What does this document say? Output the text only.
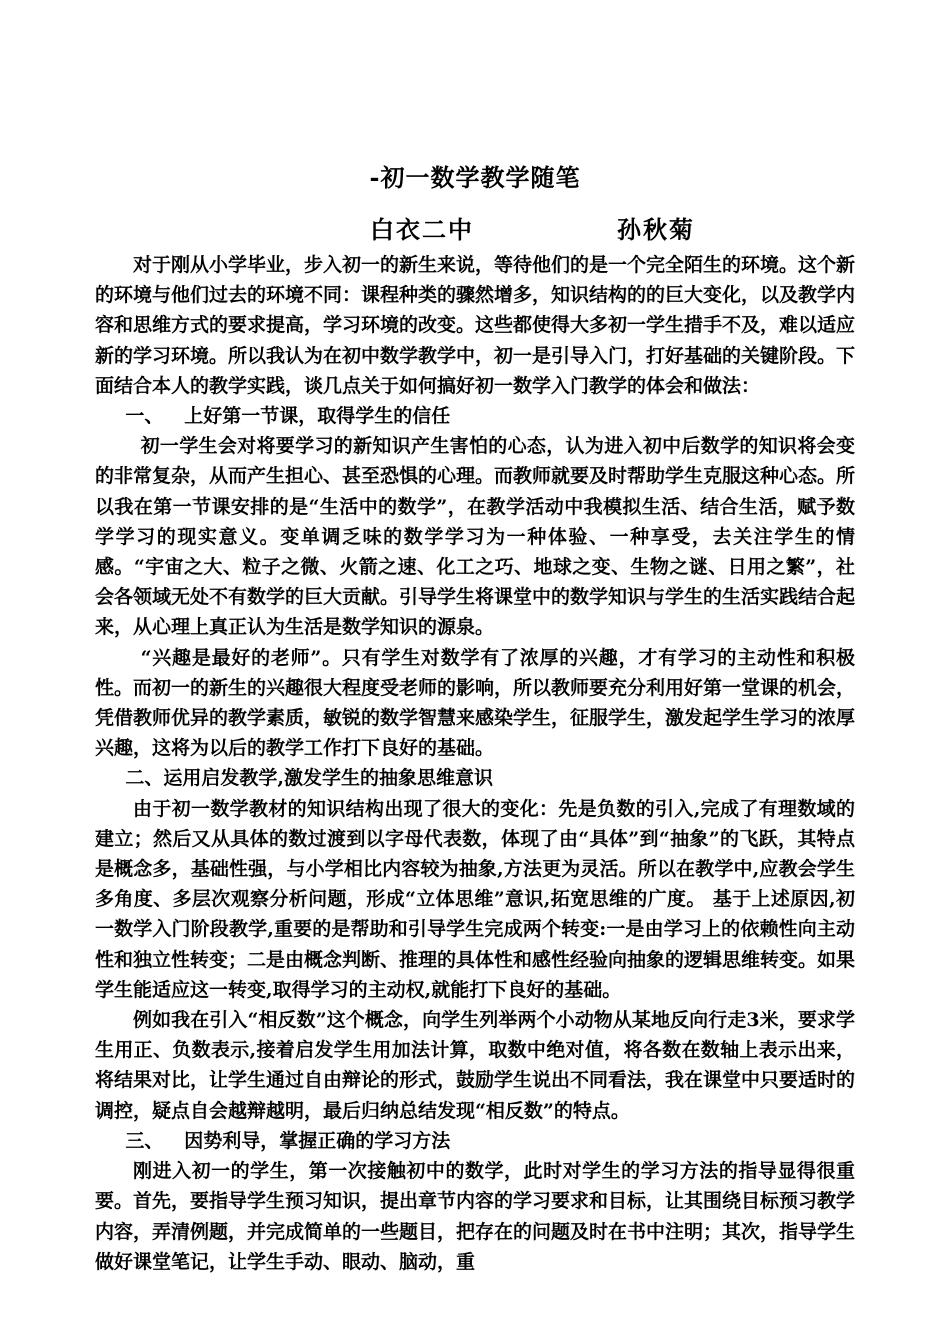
-初一数学教学随笔
白衣二中	孙秋菊

对于刚从小学毕业，步入初一的新生来说，等待他们的是一个完全陌生的环境。这个新的环境与他们过去的环境不同：课程种类的骤然增多，知识结构的的巨大变化，以及教学内容和思维方式的要求提高，学习环境的改变。这些都使得大多初一学生措手不及，难以适应新的学习环境。所以我认为在初中数学教学中，初一是引导入门，打好基础的关键阶段。下面结合本人的教学实践，谈几点关于如何搞好初一数学入门教学的体会和做法：

一、 上好第一节课，取得学生的信任

初一学生会对将要学习的新知识产生害怕的心态，认为进入初中后数学的知识将会变的非常复杂，从而产生担心、甚至恐惧的心理。而教师就要及时帮助学生克服这种心态。所以我在第一节课安排的是“生活中的数学”，在教学活动中我模拟生活、结合生活，赋予数学学习的现实意义。变单调乏味的数学学习为一种体验、一种享受，去关注学生的情感。“宇宙之大、粒子之微、火箭之速、化工之巧、地球之变、生物之谜、日用之繁”，社会各领域无处不有数学的巨大贡献。引导学生将课堂中的数学知识与学生的生活实践结合起来，从心理上真正认为生活是数学知识的源泉。

“兴趣是最好的老师”。只有学生对数学有了浓厚的兴趣，才有学习的主动性和积极性。而初一的新生的兴趣很大程度受老师的影响，所以教师要充分利用好第一堂课的机会，凭借教师优异的教学素质，敏锐的数学智慧来感染学生，征服学生，激发起学生学习的浓厚兴趣，这将为以后的教学工作打下良好的基础。

二、运用启发教学,激发学生的抽象思维意识

由于初一数学教材的知识结构出现了很大的变化：先是负数的引入,完成了有理数域的建立；然后又从具体的数过渡到以字母代表数，体现了由“具体”到“抽象”的飞跃，其特点是概念多，基础性强，与小学相比内容较为抽象,方法更为灵活。所以在教学中,应教会学生多角度、多层次观察分析问题，形成“立体思维”意识,拓宽思维的广度。 基于上述原因,初一数学入门阶段教学,重要的是帮助和引导学生完成两个转变:一是由学习上的依赖性向主动性和独立性转变；二是由概念判断、推理的具体性和感性经验向抽象的逻辑思维转变。如果学生能适应这一转变,取得学习的主动权,就能打下良好的基础。

例如我在引入“相反数”这个概念，向学生列举两个小动物从某地反向行走3米，要求学生用正、负数表示,接着启发学生用加法计算，取数中绝对值，将各数在数轴上表示出来，将结果对比，让学生通过自由辩论的形式，鼓励学生说出不同看法，我在课堂中只要适时的调控，疑点自会越辩越明，最后归纳总结发现“相反数”的特点。

三、 因势利导，掌握正确的学习方法

刚进入初一的学生，第一次接触初中的数学，此时对学生的学习方法的指导显得很重要。首先，要指导学生预习知识，提出章节内容的学习要求和目标，让其围绕目标预习教学内容，弄清例题，并完成简单的一些题目，把存在的问题及时在书中注明；其次，指导学生做好课堂笔记，让学生手动、眼动、脑动，重
